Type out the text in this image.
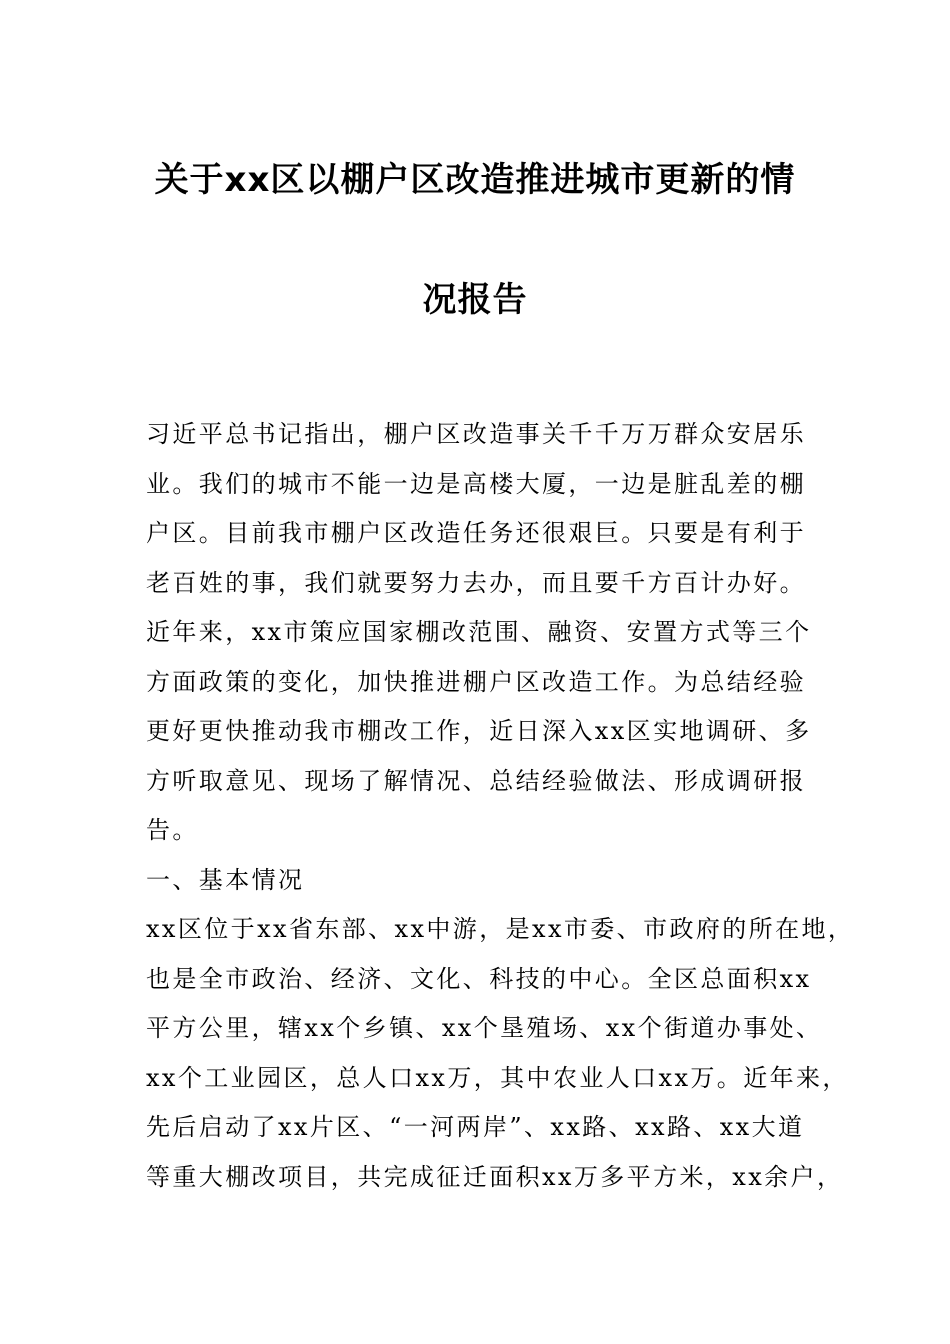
关于xx区以棚户区改造推进城市更新的情
况报告
习近平总书记指出，棚户区改造事关千千万万群众安居乐
业。我们的城市不能一边是高楼大厦，一边是脏乱差的棚
户区。目前我市棚户区改造任务还很艰巨。只要是有利于
老百姓的事，我们就要努力去办，而且要千方百计办好。
近年来，xx市策应国家棚改范围、融资、安置方式等三个
方面政策的变化，加快推进棚户区改造工作。为总结经验
更好更快推动我市棚改工作，近日深入xx区实地调研、多
方听取意见、现场了解情况、总结经验做法、形成调研报
告。
一、基本情况
xx区位于xx省东部、xx中游，是xx市委、市政府的所在地，
也是全市政治、经济、文化、科技的中心。全区总面积xx
平方公里，辖xx个乡镇、xx个垦殖场、xx个街道办事处、
xx个工业园区，总人口xx万，其中农业人口xx万。近年来，
先后启动了xx片区、“一河两岸”、xx路、xx路、xx大道
等重大棚改项目，共完成征迁面积xx万多平方米，xx余户，
